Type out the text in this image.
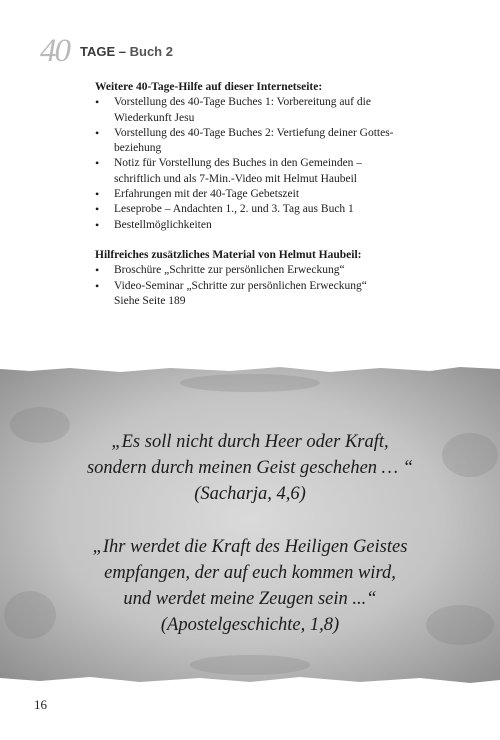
40 TAGE – Buch 2

Weitere 40-Tage-Hilfe auf dieser Internetseite:

• Vorstellung des 40-Tage Buches 1: Vorbereitung auf die Wiederkunft Jesu
• Vorstellung des 40-Tage Buches 2: Vertiefung deiner Gottesbeziehung
• Notiz für Vorstellung des Buches in den Gemeinden – schriftlich und als 7-Min.-Video mit Helmut Haubeil
• Erfahrungen mit der 40-Tage Gebetszeit
• Leseprobe – Andachten 1., 2. und 3. Tag aus Buch 1
• Bestellmöglichkeiten

Hilfreiches zusätzliches Material von Helmut Haubeil:

• Broschüre „Schritte zur persönlichen Erweckung“
• Video-Seminar „Schritte zur persönlichen Erweckung“ Siehe Seite 189
„Es soll nicht durch Heer oder Kraft,
sondern durch meinen Geist geschehen … “
(Sacharja, 4,6)
„Ihr werdet die Kraft des Heiligen Geistes
empfangen, der auf euch kommen wird,
und werdet meine Zeugen sein ...“
(Apostelgeschichte, 1,8)
16
